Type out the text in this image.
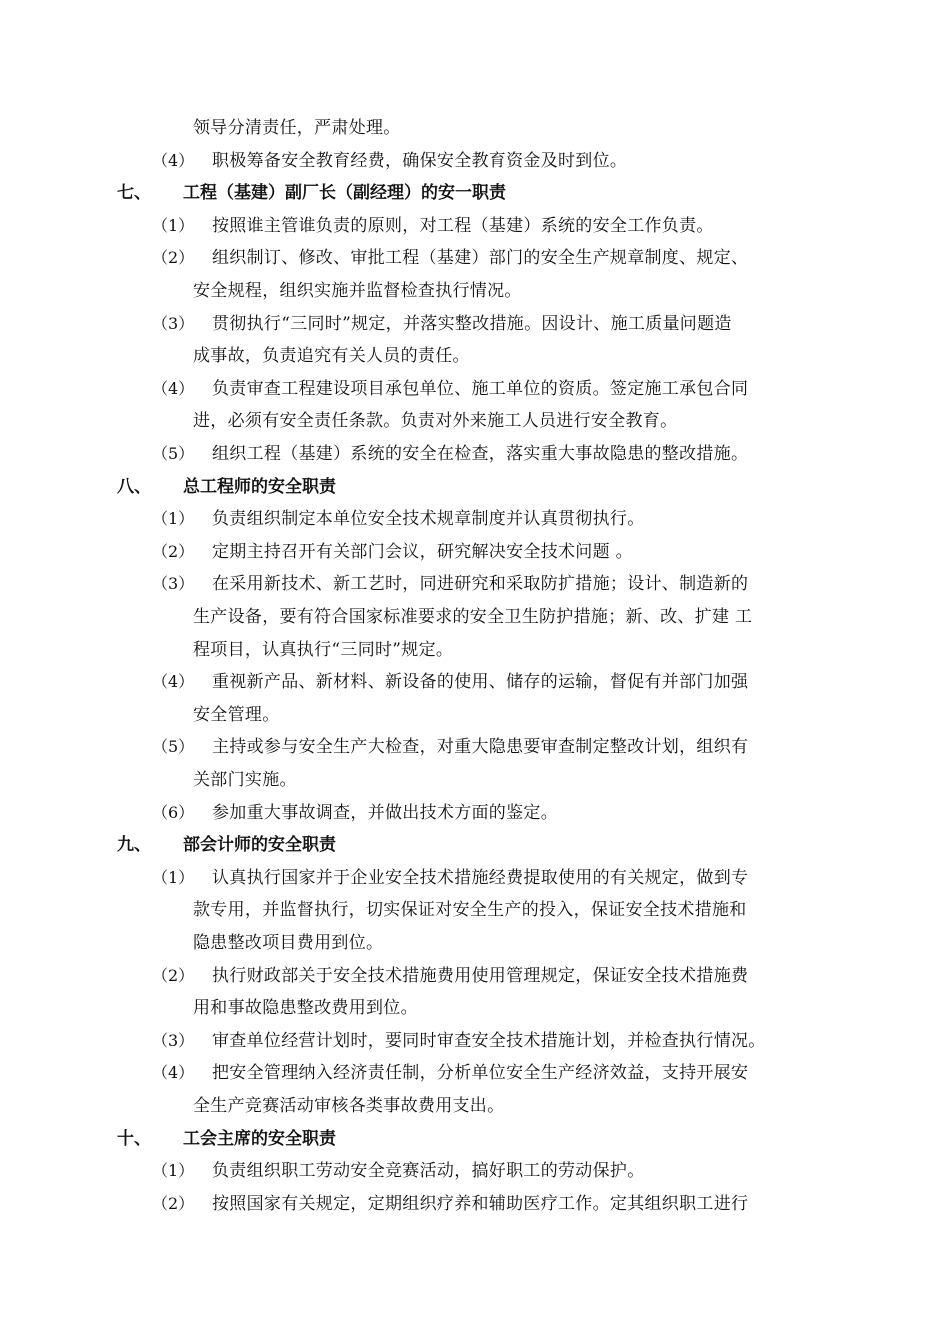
领导分清责任，严肃处理。
（4） 职极筹备安全教育经费，确保安全教育资金及时到位。
七、 工程（基建）副厂长（副经理）的安一职责
（1） 按照谁主管谁负责的原则，对工程（基建）系统的安全工作负责。
（2） 组织制订、修改、审批工程（基建）部门的安全生产规章制度、规定、
安全规程，组织实施并监督检查执行情况。
（3） 贯彻执行“三同时”规定，并落实整改措施。因设计、施工质量问题造
成事故，负责追究有关人员的责任。
（4） 负责审查工程建设项目承包单位、施工单位的资质。签定施工承包合同
进，必须有安全责任条款。负责对外来施工人员进行安全教育。
（5） 组织工程（基建）系统的安全在检查，落实重大事故隐患的整改措施。
八、 总工程师的安全职责
（1） 负责组织制定本单位安全技术规章制度并认真贯彻执行。
（2） 定期主持召开有关部门会议，研究解决安全技术问题 。
（3） 在采用新技术、新工艺时，同进研究和采取防扩措施；设计、制造新的
生产设备，要有符合国家标准要求的安全卫生防护措施；新、改、扩建 工
程项目，认真执行“三同时”规定。
（4） 重视新产品、新材料、新设备的使用、储存的运输，督促有并部门加强
安全管理。
（5） 主持或参与安全生产大检查，对重大隐患要审查制定整改计划，组织有
关部门实施。
（6） 参加重大事故调查，并做出技术方面的鉴定。
九、 部会计师的安全职责
（1） 认真执行国家并于企业安全技术措施经费提取使用的有关规定，做到专
款专用，并监督执行，切实保证对安全生产的投入，保证安全技术措施和
隐患整改项目费用到位。
（2） 执行财政部关于安全技术措施费用使用管理规定，保证安全技术措施费
用和事故隐患整改费用到位。
（3） 审查单位经营计划时，要同时审查安全技术措施计划，并检查执行情况。
（4） 把安全管理纳入经济责任制，分析单位安全生产经济效益，支持开展安
全生产竞赛活动审核各类事故费用支出。
十、 工会主席的安全职责
（1） 负责组织职工劳动安全竞赛活动，搞好职工的劳动保护。
（2） 按照国家有关规定，定期组织疗养和辅助医疗工作。定其组织职工进行
